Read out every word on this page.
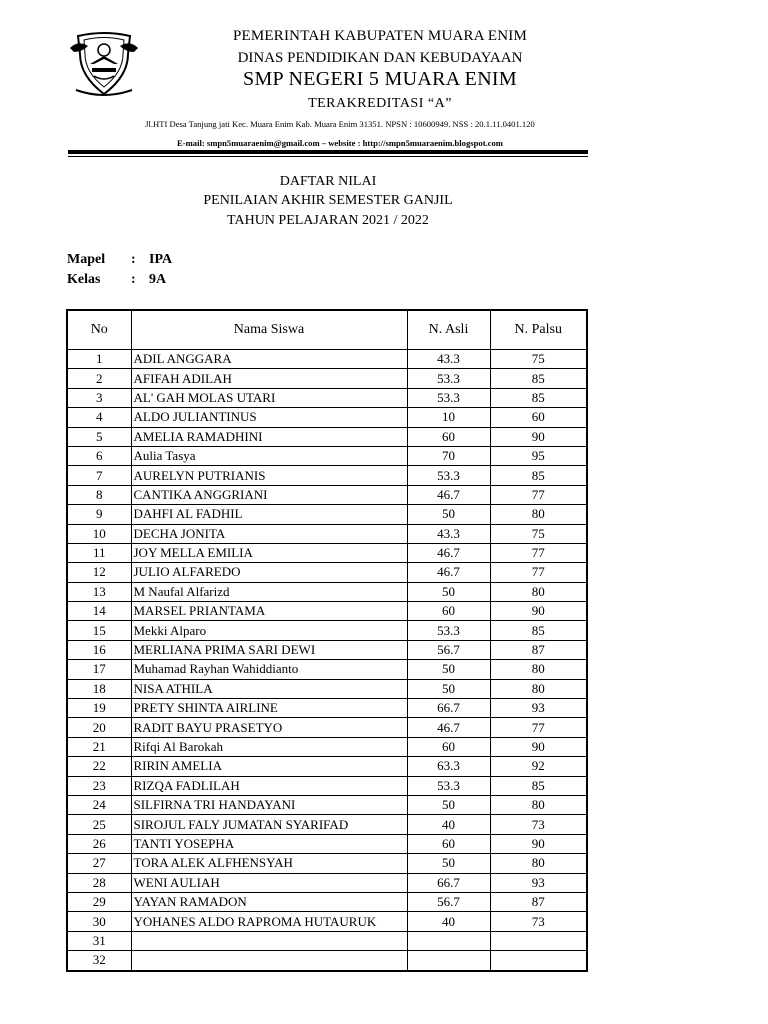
PEMERINTAH KABUPATEN MUARA ENIM
DINAS PENDIDIKAN DAN KEBUDAYAAN
SMP NEGERI 5 MUARA ENIM
TERAKREDITASI “A”
Jl.HTI Desa Tanjung jati Kec. Muara Enim Kab. Muara Enim 31351. NPSN : 10600949. NSS : 20.1.11.0401.120
E-mail: smpn5muaraenim@gmail.com – website : http://smpn5muaraenim.blogspot.com
DAFTAR NILAI
PENILAIAN AKHIR SEMESTER GANJIL
TAHUN PELAJARAN 2021 / 2022
Mapel : IPA
Kelas : 9A
No	Nama Siswa	N. Asli	N. Palsu
1	ADIL ANGGARA	43.3	75
2	AFIFAH ADILAH	53.3	85
3	AL' GAH MOLAS UTARI	53.3	85
4	ALDO JULIANTINUS	10	60
5	AMELIA RAMADHINI	60	90
6	Aulia Tasya	70	95
7	AURELYN PUTRIANIS	53.3	85
8	CANTIKA ANGGRIANI	46.7	77
9	DAHFI AL FADHIL	50	80
10	DECHA JONITA	43.3	75
11	JOY MELLA EMILIA	46.7	77
12	JULIO ALFAREDO	46.7	77
13	M Naufal Alfarizd	50	80
14	MARSEL PRIANTAMA	60	90
15	Mekki Alparo	53.3	85
16	MERLIANA PRIMA SARI DEWI	56.7	87
17	Muhamad Rayhan Wahiddianto	50	80
18	NISA ATHILA	50	80
19	PRETY SHINTA AIRLINE	66.7	93
20	RADIT BAYU PRASETYO	46.7	77
21	Rifqi Al Barokah	60	90
22	RIRIN AMELIA	63.3	92
23	RIZQA FADLILAH	53.3	85
24	SILFIRNA TRI HANDAYANI	50	80
25	SIROJUL FALY JUMATAN SYARIFAD	40	73
26	TANTI YOSEPHA	60	90
27	TORA ALEK ALFHENSYAH	50	80
28	WENI AULIAH	66.7	93
29	YAYAN RAMADON	56.7	87
30	YOHANES ALDO RAPROMA HUTAURUK	40	73
31			
32			
